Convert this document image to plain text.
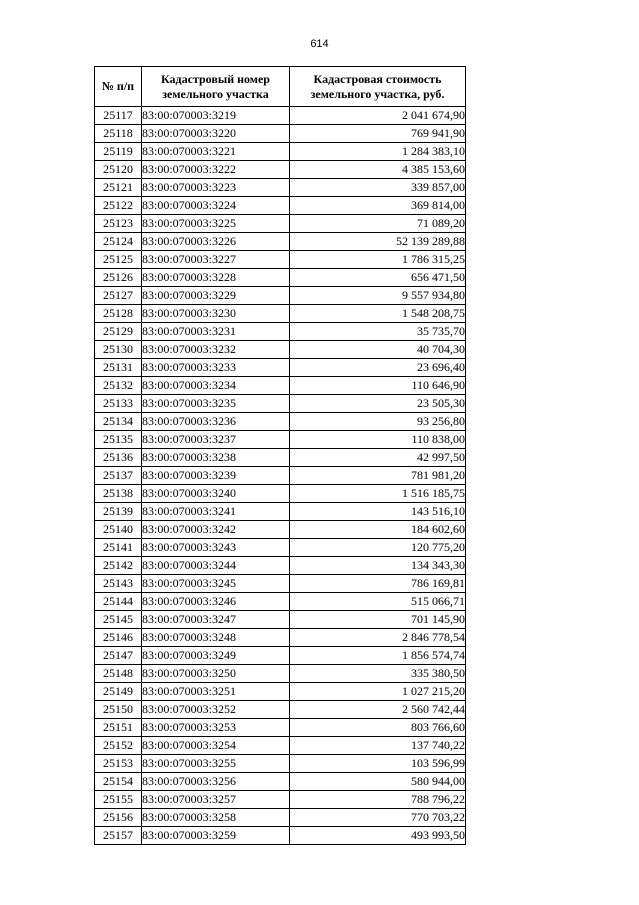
614
№ п/п	Кадастровый номер земельного участка	Кадастровая стоимость земельного участка, руб.
25117	83:00:070003:3219	2 041 674,90
25118	83:00:070003:3220	769 941,90
25119	83:00:070003:3221	1 284 383,10
25120	83:00:070003:3222	4 385 153,60
25121	83:00:070003:3223	339 857,00
25122	83:00:070003:3224	369 814,00
25123	83:00:070003:3225	71 089,20
25124	83:00:070003:3226	52 139 289,88
25125	83:00:070003:3227	1 786 315,25
25126	83:00:070003:3228	656 471,50
25127	83:00:070003:3229	9 557 934,80
25128	83:00:070003:3230	1 548 208,75
25129	83:00:070003:3231	35 735,70
25130	83:00:070003:3232	40 704,30
25131	83:00:070003:3233	23 696,40
25132	83:00:070003:3234	110 646,90
25133	83:00:070003:3235	23 505,30
25134	83:00:070003:3236	93 256,80
25135	83:00:070003:3237	110 838,00
25136	83:00:070003:3238	42 997,50
25137	83:00:070003:3239	781 981,20
25138	83:00:070003:3240	1 516 185,75
25139	83:00:070003:3241	143 516,10
25140	83:00:070003:3242	184 602,60
25141	83:00:070003:3243	120 775,20
25142	83:00:070003:3244	134 343,30
25143	83:00:070003:3245	786 169,81
25144	83:00:070003:3246	515 066,71
25145	83:00:070003:3247	701 145,90
25146	83:00:070003:3248	2 846 778,54
25147	83:00:070003:3249	1 856 574,74
25148	83:00:070003:3250	335 380,50
25149	83:00:070003:3251	1 027 215,20
25150	83:00:070003:3252	2 560 742,44
25151	83:00:070003:3253	803 766,60
25152	83:00:070003:3254	137 740,22
25153	83:00:070003:3255	103 596,99
25154	83:00:070003:3256	580 944,00
25155	83:00:070003:3257	788 796,22
25156	83:00:070003:3258	770 703,22
25157	83:00:070003:3259	493 993,50
